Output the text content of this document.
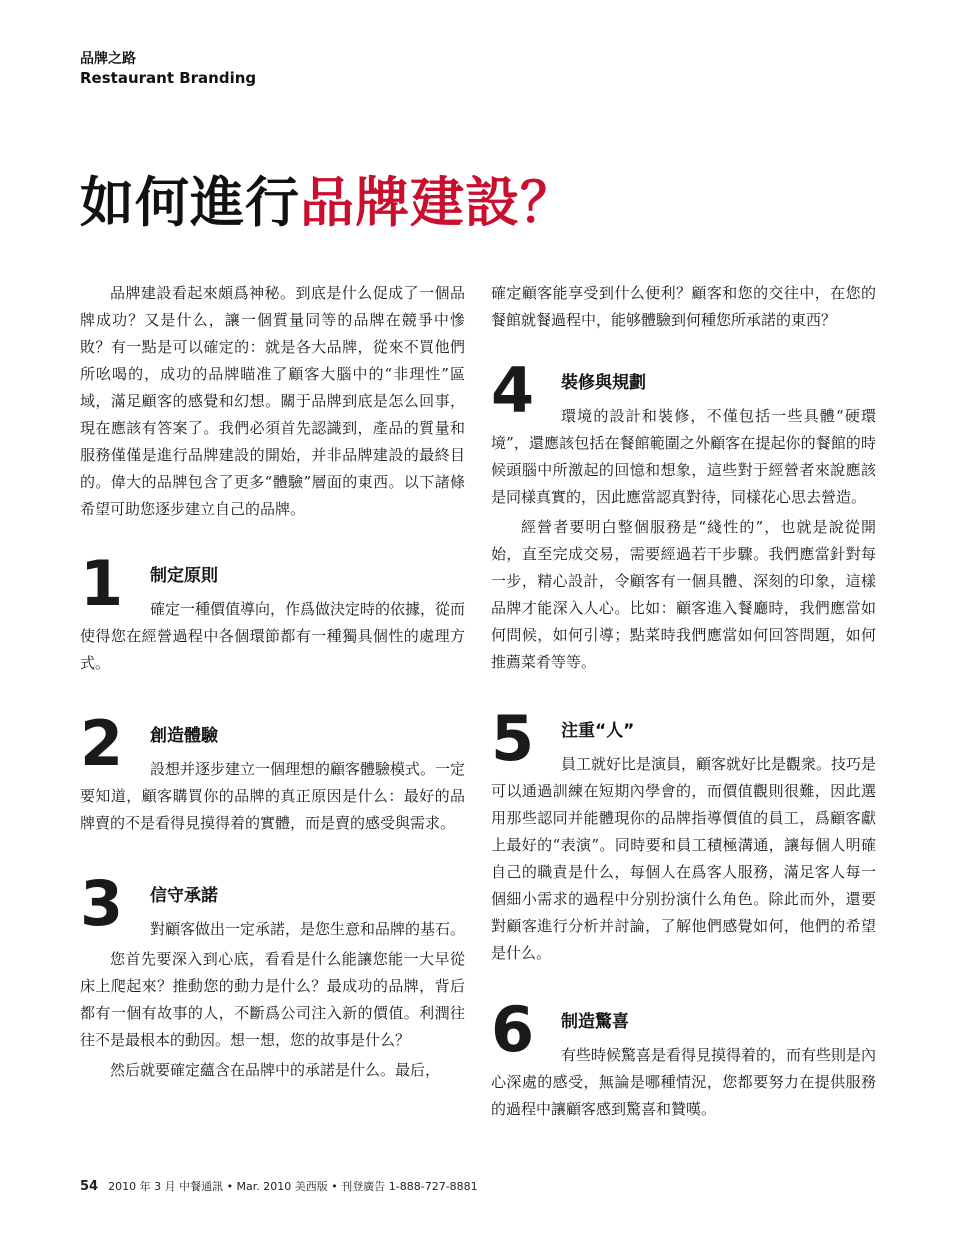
品牌之路
Restaurant Branding
如何進行品牌建設？

品牌建設看起來頗爲神秘。到底是什么促成了一個品牌成功？又是什么，讓一個質量同等的品牌在競爭中慘敗？有一點是可以確定的：就是各大品牌，從來不買他們所吆喝的，成功的品牌瞄准了顧客大腦中的“非理性”區域，滿足顧客的感覺和幻想。關于品牌到底是怎么回事，現在應該有答案了。我們必須首先認識到，產品的質量和服務僅僅是進行品牌建設的開始，并非品牌建設的最終目的。偉大的品牌包含了更多“體驗”層面的東西。以下諸條希望可助您逐步建立自己的品牌。

1 制定原則

確定一種價值導向，作爲做決定時的依據，從而使得您在經營過程中各個環節都有一種獨具個性的處理方式。

2 創造體驗

設想并逐步建立一個理想的顧客體驗模式。一定要知道，顧客購買你的品牌的真正原因是什么：最好的品牌賣的不是看得見摸得着的實體，而是賣的感受與需求。

3 信守承諾

對顧客做出一定承諾，是您生意和品牌的基石。

您首先要深入到心底，看看是什么能讓您能一大早從床上爬起來？推動您的動力是什么？最成功的品牌，背后都有一個有故事的人，不斷爲公司注入新的價值。利潤往往不是最根本的動因。想一想，您的故事是什么？

然后就要確定蘊含在品牌中的承諾是什么。最后，

確定顧客能享受到什么便利？顧客和您的交往中，在您的餐館就餐過程中，能够體驗到何種您所承諾的東西？

4 裝修與規劃

環境的設計和裝修，不僅包括一些具體“硬環境”，還應該包括在餐館範圍之外顧客在提起你的餐館的時候頭腦中所激起的回憶和想象，這些對于經營者來說應該是同樣真實的，因此應當認真對待，同樣花心思去營造。

經營者要明白整個服務是“綫性的”，也就是說從開始，直至完成交易，需要經過若干步驟。我們應當針對每一步，精心設計，令顧客有一個具體、深刻的印象，這樣品牌才能深入人心。比如：顧客進入餐廳時，我們應當如何問候，如何引導；點菜時我們應當如何回答問題，如何推薦菜肴等等。

5 注重“人”

員工就好比是演員，顧客就好比是觀衆。技巧是可以通過訓練在短期內學會的，而價值觀則很難，因此選用那些認同并能體現你的品牌指導價值的員工，爲顧客獻上最好的“表演”。同時要和員工積極溝通，讓每個人明確自己的職責是什么，每個人在爲客人服務，滿足客人每一個細小需求的過程中分别扮演什么角色。除此而外，還要對顧客進行分析并討論，了解他們感覺如何，他們的希望是什么。

6 制造驚喜

有些時候驚喜是看得見摸得着的，而有些則是內心深處的感受，無論是哪種情況，您都要努力在提供服務的過程中讓顧客感到驚喜和贊嘆。

54 2010 年 3 月 中餐通訊 • Mar. 2010 美西版 • 刊登廣告 1-888-727-8881
